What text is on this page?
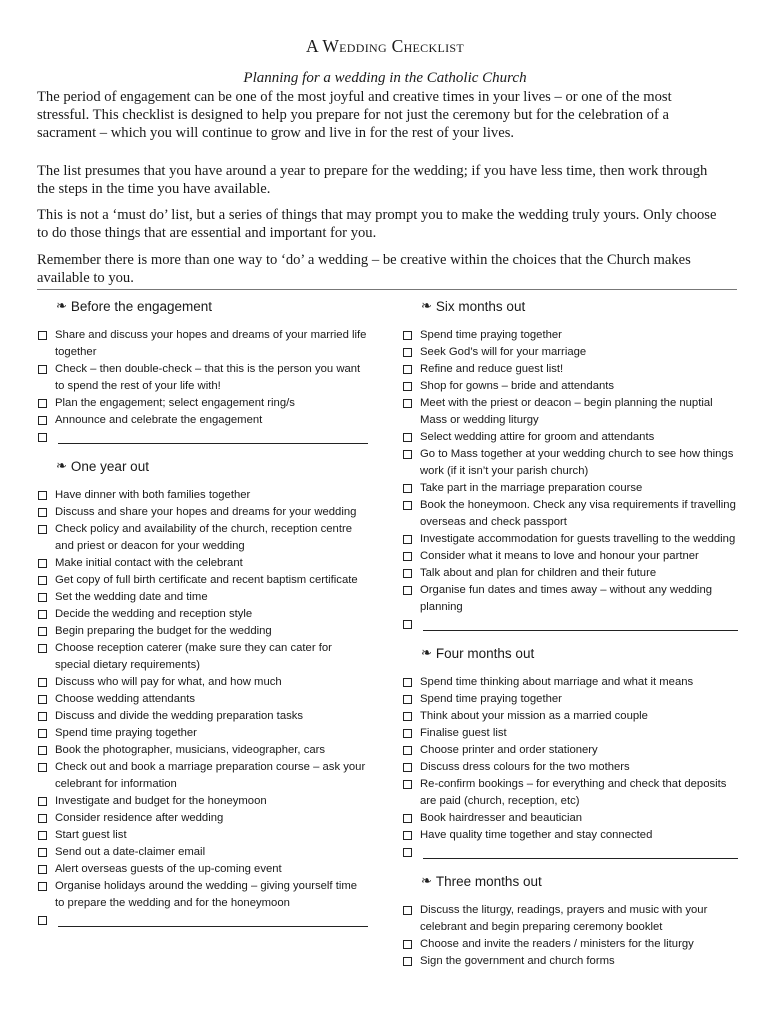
A Wedding Checklist
Planning for a wedding in the Catholic Church

The period of engagement can be one of the most joyful and creative times in your lives – or one of the most stressful. This checklist is designed to help you prepare for not just the ceremony but for the celebration of a sacrament – which you will continue to grow and live in for the rest of your lives.

The list presumes that you have around a year to prepare for the wedding; if you have less time, then work through the steps in the time you have available.

This is not a ‘must do’ list, but a series of things that may prompt you to make the wedding truly yours. Only choose to do those things that are essential and important for you.

Remember there is more than one way to ‘do’ a wedding – be creative within the choices that the Church makes available to you.

❧ Before the engagement
Share and discuss your hopes and dreams of your married life together
Check – then double-check – that this is the person you want to spend the rest of your life with!
Plan the engagement; select engagement ring/s
Announce and celebrate the engagement
❧ One year out
Have dinner with both families together
Discuss and share your hopes and dreams for your wedding
Check policy and availability of the church, reception centre and priest or deacon for your wedding
Make initial contact with the celebrant
Get copy of full birth certificate and recent baptism certificate
Set the wedding date and time
Decide the wedding and reception style
Begin preparing the budget for the wedding
Choose reception caterer (make sure they can cater for special dietary requirements)
Discuss who will pay for what, and how much
Choose wedding attendants
Discuss and divide the wedding preparation tasks
Spend time praying together
Book the photographer, musicians, videographer, cars
Check out and book a marriage preparation course – ask your celebrant for information
Investigate and budget for the honeymoon
Consider residence after wedding
Start guest list
Send out a date-claimer email
Alert overseas guests of the up-coming event
Organise holidays around the wedding – giving yourself time to prepare the wedding and for the honeymoon
❧ Six months out
Spend time praying together
Seek God’s will for your marriage
Refine and reduce guest list!
Shop for gowns – bride and attendants
Meet with the priest or deacon – begin planning the nuptial Mass or wedding liturgy
Select wedding attire for groom and attendants
Go to Mass together at your wedding church to see how things work (if it isn’t your parish church)
Take part in the marriage preparation course
Book the honeymoon. Check any visa requirements if travelling overseas and check passport
Investigate accommodation for guests travelling to the wedding
Consider what it means to love and honour your partner
Talk about and plan for children and their future
Organise fun dates and times away – without any wedding planning
❧ Four months out
Spend time thinking about marriage and what it means
Spend time praying together
Think about your mission as a married couple
Finalise guest list
Choose printer and order stationery
Discuss dress colours for the two mothers
Re-confirm bookings – for everything and check that deposits are paid (church, reception, etc)
Book hairdresser and beautician
Have quality time together and stay connected
❧ Three months out
Discuss the liturgy, readings, prayers and music with your celebrant and begin preparing ceremony booklet
Choose and invite the readers / ministers for the liturgy
Sign the government and church forms
